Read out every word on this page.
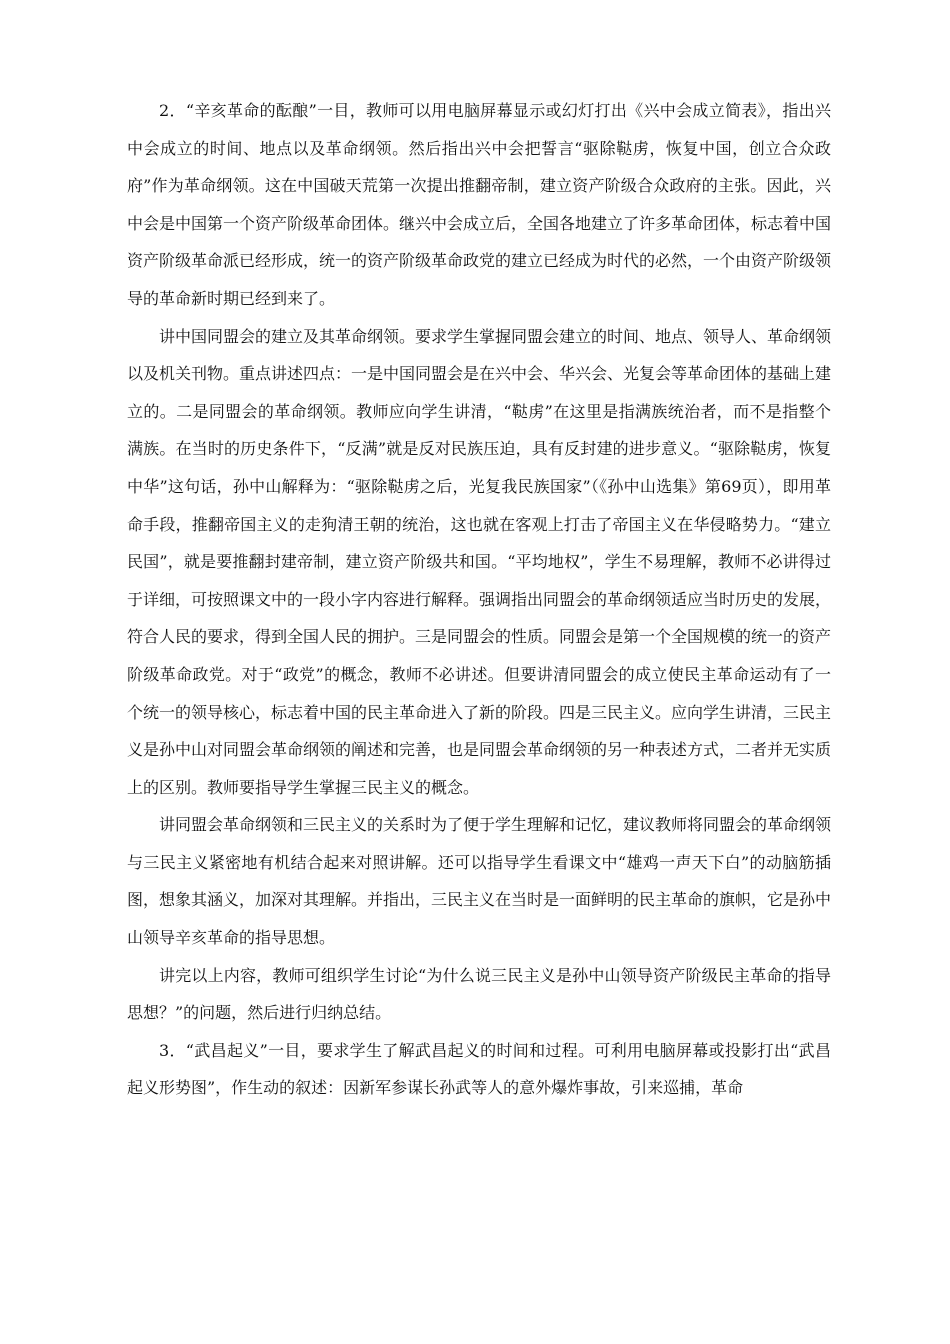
2．“辛亥革命的酝酿”一目，教师可以用电脑屏幕显示或幻灯打出《兴中会成立简表》，指出兴中会成立的时间、地点以及革命纲领。然后指出兴中会把誓言“驱除鞑虏，恢复中国，创立合众政府”作为革命纲领。这在中国破天荒第一次提出推翻帝制，建立资产阶级合众政府的主张。因此，兴中会是中国第一个资产阶级革命团体。继兴中会成立后，全国各地建立了许多革命团体，标志着中国资产阶级革命派已经形成，统一的资产阶级革命政党的建立已经成为时代的必然，一个由资产阶级领导的革命新时期已经到来了。

讲中国同盟会的建立及其革命纲领。要求学生掌握同盟会建立的时间、地点、领导人、革命纲领以及机关刊物。重点讲述四点：一是中国同盟会是在兴中会、华兴会、光复会等革命团体的基础上建立的。二是同盟会的革命纲领。教师应向学生讲清，“鞑虏”在这里是指满族统治者，而不是指整个满族。在当时的历史条件下，“反满”就是反对民族压迫，具有反封建的进步意义。“驱除鞑虏，恢复中华”这句话，孙中山解释为：“驱除鞑虏之后，光复我民族国家”（《孙中山选集》第69页），即用革命手段，推翻帝国主义的走狗清王朝的统治，这也就在客观上打击了帝国主义在华侵略势力。“建立民国”，就是要推翻封建帝制，建立资产阶级共和国。“平均地权”，学生不易理解，教师不必讲得过于详细，可按照课文中的一段小字内容进行解释。强调指出同盟会的革命纲领适应当时历史的发展，符合人民的要求，得到全国人民的拥护。三是同盟会的性质。同盟会是第一个全国规模的统一的资产阶级革命政党。对于“政党”的概念，教师不必讲述。但要讲清同盟会的成立使民主革命运动有了一个统一的领导核心，标志着中国的民主革命进入了新的阶段。四是三民主义。应向学生讲清，三民主义是孙中山对同盟会革命纲领的阐述和完善，也是同盟会革命纲领的另一种表述方式，二者并无实质上的区别。教师要指导学生掌握三民主义的概念。

讲同盟会革命纲领和三民主义的关系时为了便于学生理解和记忆，建议教师将同盟会的革命纲领与三民主义紧密地有机结合起来对照讲解。还可以指导学生看课文中“雄鸡一声天下白”的动脑筋插图，想象其涵义，加深对其理解。并指出，三民主义在当时是一面鲜明的民主革命的旗帜，它是孙中山领导辛亥革命的指导思想。

讲完以上内容，教师可组织学生讨论“为什么说三民主义是孙中山领导资产阶级民主革命的指导思想？”的问题，然后进行归纳总结。

3．“武昌起义”一目，要求学生了解武昌起义的时间和过程。可利用电脑屏幕或投影打出“武昌起义形势图”，作生动的叙述：因新军参谋长孙武等人的意外爆炸事故，引来巡捕，革命
